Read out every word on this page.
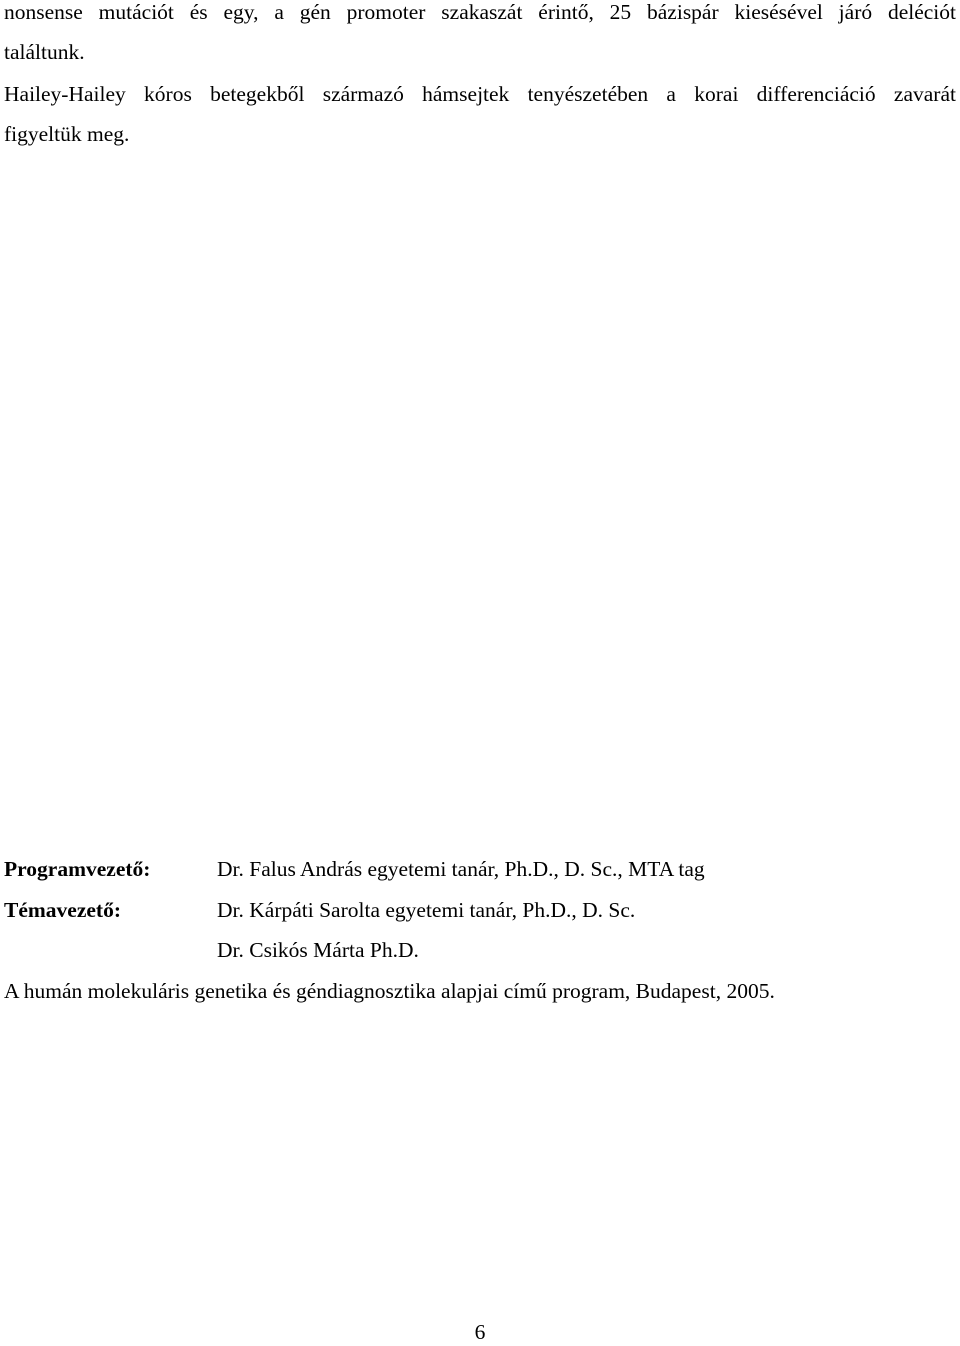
nonsense mutációt és egy, a gén promoter szakaszát érintő, 25 bázispár kiesésével járó deléciót
találtunk.
Hailey-Hailey kóros betegekből származó hámsejtek tenyészetében a korai differenciáció zavarát
figyeltük meg.
Programvezető:	Dr. Falus András egyetemi tanár, Ph.D., D. Sc., MTA tag
Témavezető:	Dr. Kárpáti Sarolta egyetemi tanár, Ph.D., D. Sc.
Dr. Csikós Márta Ph.D.
A humán molekuláris genetika és géndiagnosztika alapjai című program, Budapest, 2005.
6
